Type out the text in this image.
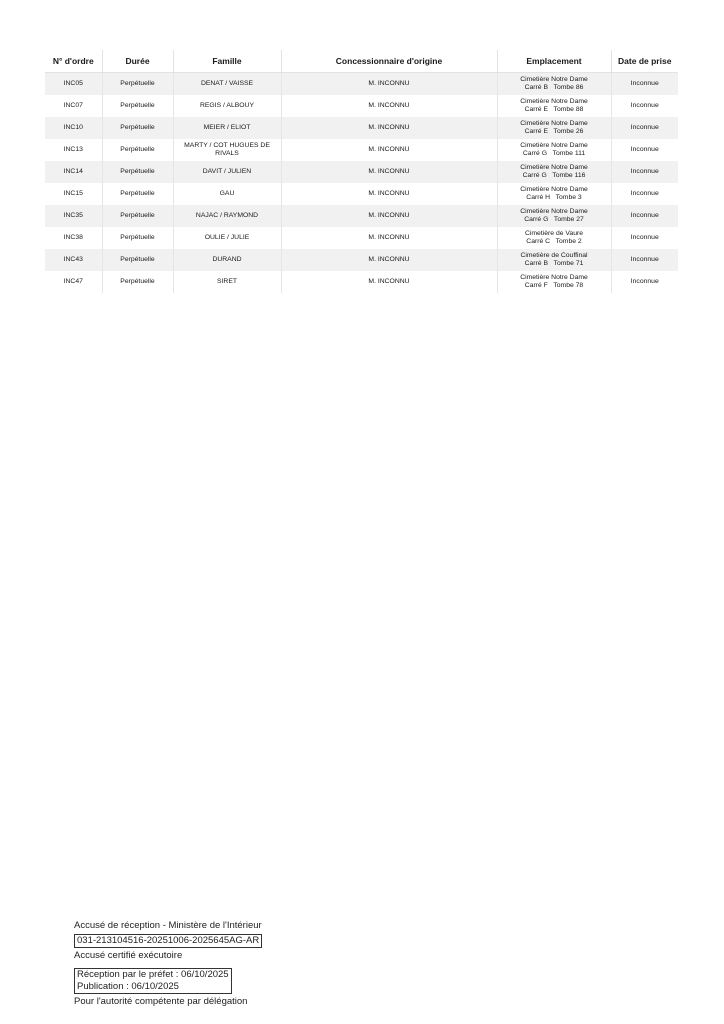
N° d'ordre	Durée	Famille	Concessionnaire d'origine	Emplacement	Date de prise
INC05	Perpétuelle	DENAT / VAISSE	M. INCONNU	Cimetière Notre Dame
Carré B   Tombe 86	Inconnue
INC07	Perpétuelle	REGIS / ALBOUY	M. INCONNU	Cimetière Notre Dame
Carré E   Tombe 88	Inconnue
INC10	Perpétuelle	MEIER / ELIOT	M. INCONNU	Cimetière Notre Dame
Carré E   Tombe 26	Inconnue
INC13	Perpétuelle	MARTY / COT HUGUES DE RIVALS	M. INCONNU	Cimetière Notre Dame
Carré G   Tombe 111	Inconnue
INC14	Perpétuelle	DAVIT / JULIEN	M. INCONNU	Cimetière Notre Dame
Carré G   Tombe 116	Inconnue
INC15	Perpétuelle	GAU	M. INCONNU	Cimetière Notre Dame
Carré H   Tombe 3	Inconnue
INC35	Perpétuelle	NAJAC / RAYMOND	M. INCONNU	Cimetière Notre Dame
Carré G   Tombe 27	Inconnue
INC38	Perpétuelle	OULIE / JULIE	M. INCONNU	Cimetière de Vaure
Carré C   Tombe 2	Inconnue
INC43	Perpétuelle	DURAND	M. INCONNU	Cimetière de Couffinal
Carré B   Tombe 71	Inconnue
INC47	Perpétuelle	SIRET	M. INCONNU	Cimetière Notre Dame
Carré F   Tombe 78	Inconnue
Accusé de réception - Ministère de l'Intérieur
031-213104516-20251006-2025645AG-AR
Accusé certifié exécutoire
Réception par le préfet : 06/10/2025
Publication : 06/10/2025
Pour l'autorité compétente par délégation
